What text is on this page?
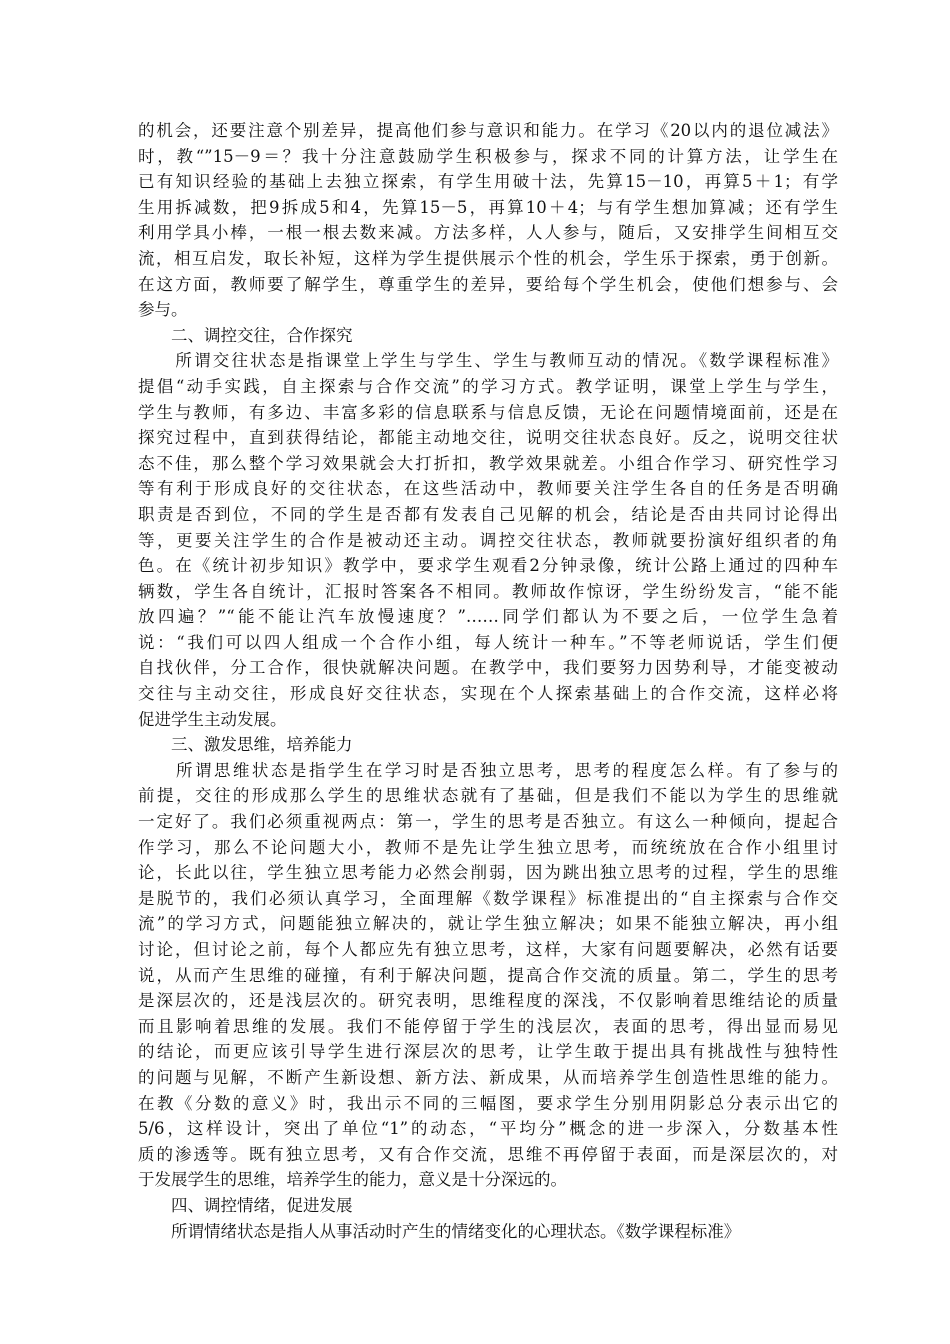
的机会，还要注意个别差异，提高他们参与意识和能力。在学习《20以内的退位减法》
时，教“”15－9＝？我十分注意鼓励学生积极参与，探求不同的计算方法，让学生在
已有知识经验的基础上去独立探索，有学生用破十法，先算15－10，再算5＋1；有学
生用拆减数，把9拆成5和4，先算15－5，再算10＋4；与有学生想加算减；还有学生
利用学具小棒，一根一根去数来减。方法多样，人人参与，随后，又安排学生间相互交
流，相互启发，取长补短，这样为学生提供展示个性的机会，学生乐于探索，勇于创新。
在这方面，教师要了解学生，尊重学生的差异，要给每个学生机会，使他们想参与、会
参与。
　　二、调控交往，合作探究
　　所谓交往状态是指课堂上学生与学生、学生与教师互动的情况。《数学课程标准》
提倡“动手实践，自主探索与合作交流”的学习方式。教学证明，课堂上学生与学生，
学生与教师，有多边、丰富多彩的信息联系与信息反馈，无论在问题情境面前，还是在
探究过程中，直到获得结论，都能主动地交往，说明交往状态良好。反之，说明交往状
态不佳，那么整个学习效果就会大打折扣，教学效果就差。小组合作学习、研究性学习
等有利于形成良好的交往状态，在这些活动中，教师要关注学生各自的任务是否明确
职责是否到位，不同的学生是否都有发表自己见解的机会，结论是否由共同讨论得出
等，更要关注学生的合作是被动还主动。调控交往状态，教师就要扮演好组织者的角
色。在《统计初步知识》教学中，要求学生观看2分钟录像，统计公路上通过的四种车
辆数，学生各自统计，汇报时答案各不相同。教师故作惊讶，学生纷纷发言，“能不能
放四遍？”“能不能让汽车放慢速度？”……同学们都认为不要之后，一位学生急着
说：“我们可以四人组成一个合作小组，每人统计一种车。”不等老师说话，学生们便
自找伙伴，分工合作，很快就解决问题。在教学中，我们要努力因势利导，才能变被动
交往与主动交往，形成良好交往状态，实现在个人探索基础上的合作交流，这样必将
促进学生主动发展。
　　三、激发思维，培养能力
　　所谓思维状态是指学生在学习时是否独立思考，思考的程度怎么样。有了参与的
前提，交往的形成那么学生的思维状态就有了基础，但是我们不能以为学生的思维就
一定好了。我们必须重视两点：第一，学生的思考是否独立。有这么一种倾向，提起合
作学习，那么不论问题大小，教师不是先让学生独立思考，而统统放在合作小组里讨
论，长此以往，学生独立思考能力必然会削弱，因为跳出独立思考的过程，学生的思维
是脱节的，我们必须认真学习，全面理解《数学课程》标准提出的“自主探索与合作交
流”的学习方式，问题能独立解决的，就让学生独立解决；如果不能独立解决，再小组
讨论，但讨论之前，每个人都应先有独立思考，这样，大家有问题要解决，必然有话要
说，从而产生思维的碰撞，有利于解决问题，提高合作交流的质量。第二，学生的思考
是深层次的，还是浅层次的。研究表明，思维程度的深浅，不仅影响着思维结论的质量
而且影响着思维的发展。我们不能停留于学生的浅层次，表面的思考，得出显而易见
的结论，而更应该引导学生进行深层次的思考，让学生敢于提出具有挑战性与独特性
的问题与见解，不断产生新设想、新方法、新成果，从而培养学生创造性思维的能力。
在教《分数的意义》时，我出示不同的三幅图，要求学生分别用阴影总分表示出它的
5/6，这样设计，突出了单位“1”的动态，“平均分”概念的进一步深入，分数基本性
质的渗透等。既有独立思考，又有合作交流，思维不再停留于表面，而是深层次的，对
于发展学生的思维，培养学生的能力，意义是十分深远的。
　　四、调控情绪，促进发展
　　所谓情绪状态是指人从事活动时产生的情绪变化的心理状态。《数学课程标准》
